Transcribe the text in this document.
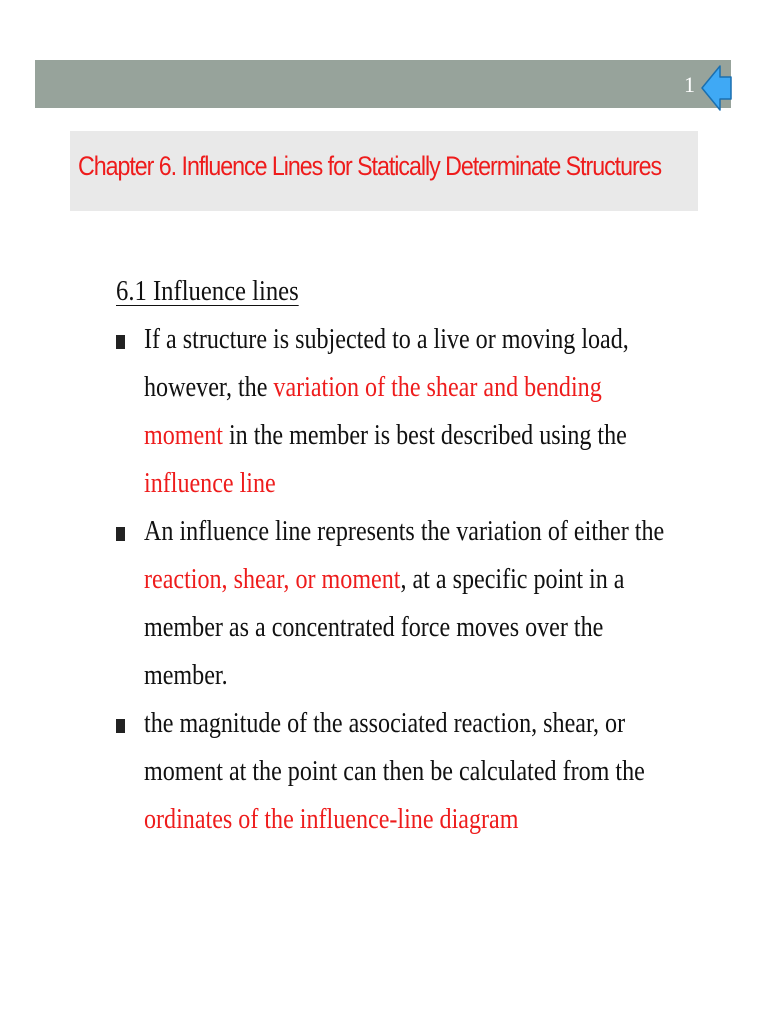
1
Chapter 6. Influence Lines for Statically Determinate Structures
6.1 Influence lines
If a structure is subjected to a live or moving load,
however, the variation of the shear and bending
moment in the member is best described using the
influence line
An influence line represents the variation of either the
reaction, shear, or moment, at a specific point in a
member as a concentrated force moves over the
member.
the magnitude of the associated reaction, shear, or
moment at the point can then be calculated from the
ordinates of the influence-line diagram
